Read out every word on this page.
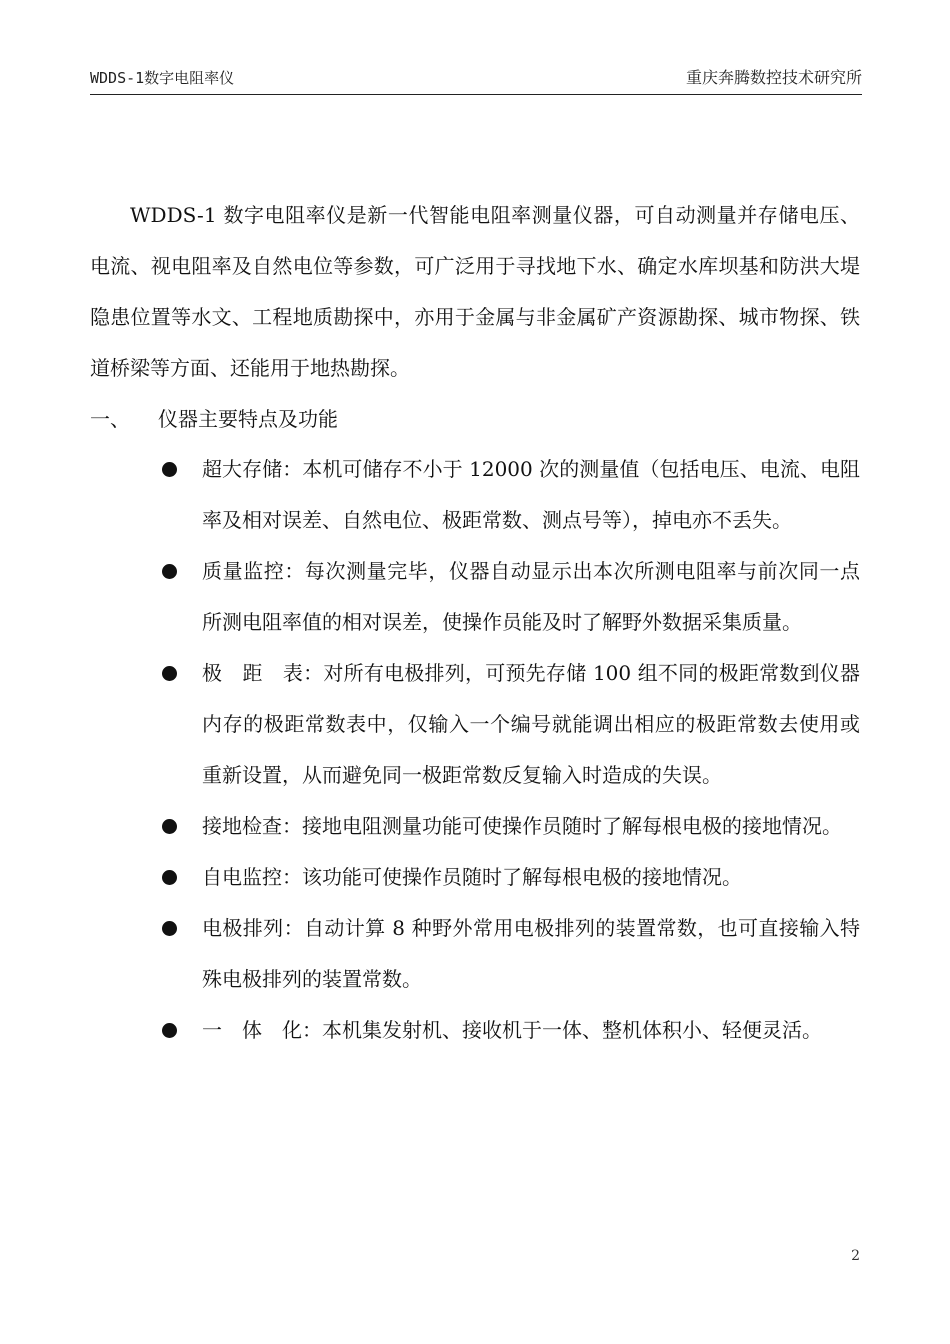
WDDS-1数字电阻率仪	重庆奔腾数控技术研究所

WDDS-1 数字电阻率仪是新一代智能电阻率测量仪器，可自动测量并存储电压、电流、视电阻率及自然电位等参数，可广泛用于寻找地下水、确定水库坝基和防洪大堤隐患位置等水文、工程地质勘探中，亦用于金属与非金属矿产资源勘探、城市物探、铁道桥梁等方面、还能用于地热勘探。

一、	仪器主要特点及功能
超大存储：本机可储存不小于 12000 次的测量值（包括电压、电流、电阻率及相对误差、自然电位、极距常数、测点号等），掉电亦不丢失。
质量监控：每次测量完毕，仪器自动显示出本次所测电阻率与前次同一点所测电阻率值的相对误差，使操作员能及时了解野外数据采集质量。
极　距　表：对所有电极排列，可预先存储 100 组不同的极距常数到仪器内存的极距常数表中，仅输入一个编号就能调出相应的极距常数去使用或重新设置，从而避免同一极距常数反复输入时造成的失误。
接地检查：接地电阻测量功能可使操作员随时了解每根电极的接地情况。
自电监控：该功能可使操作员随时了解每根电极的接地情况。
电极排列：自动计算 8 种野外常用电极排列的装置常数，也可直接输入特殊电极排列的装置常数。
一　体　化：本机集发射机、接收机于一体、整机体积小、轻便灵活。
2
